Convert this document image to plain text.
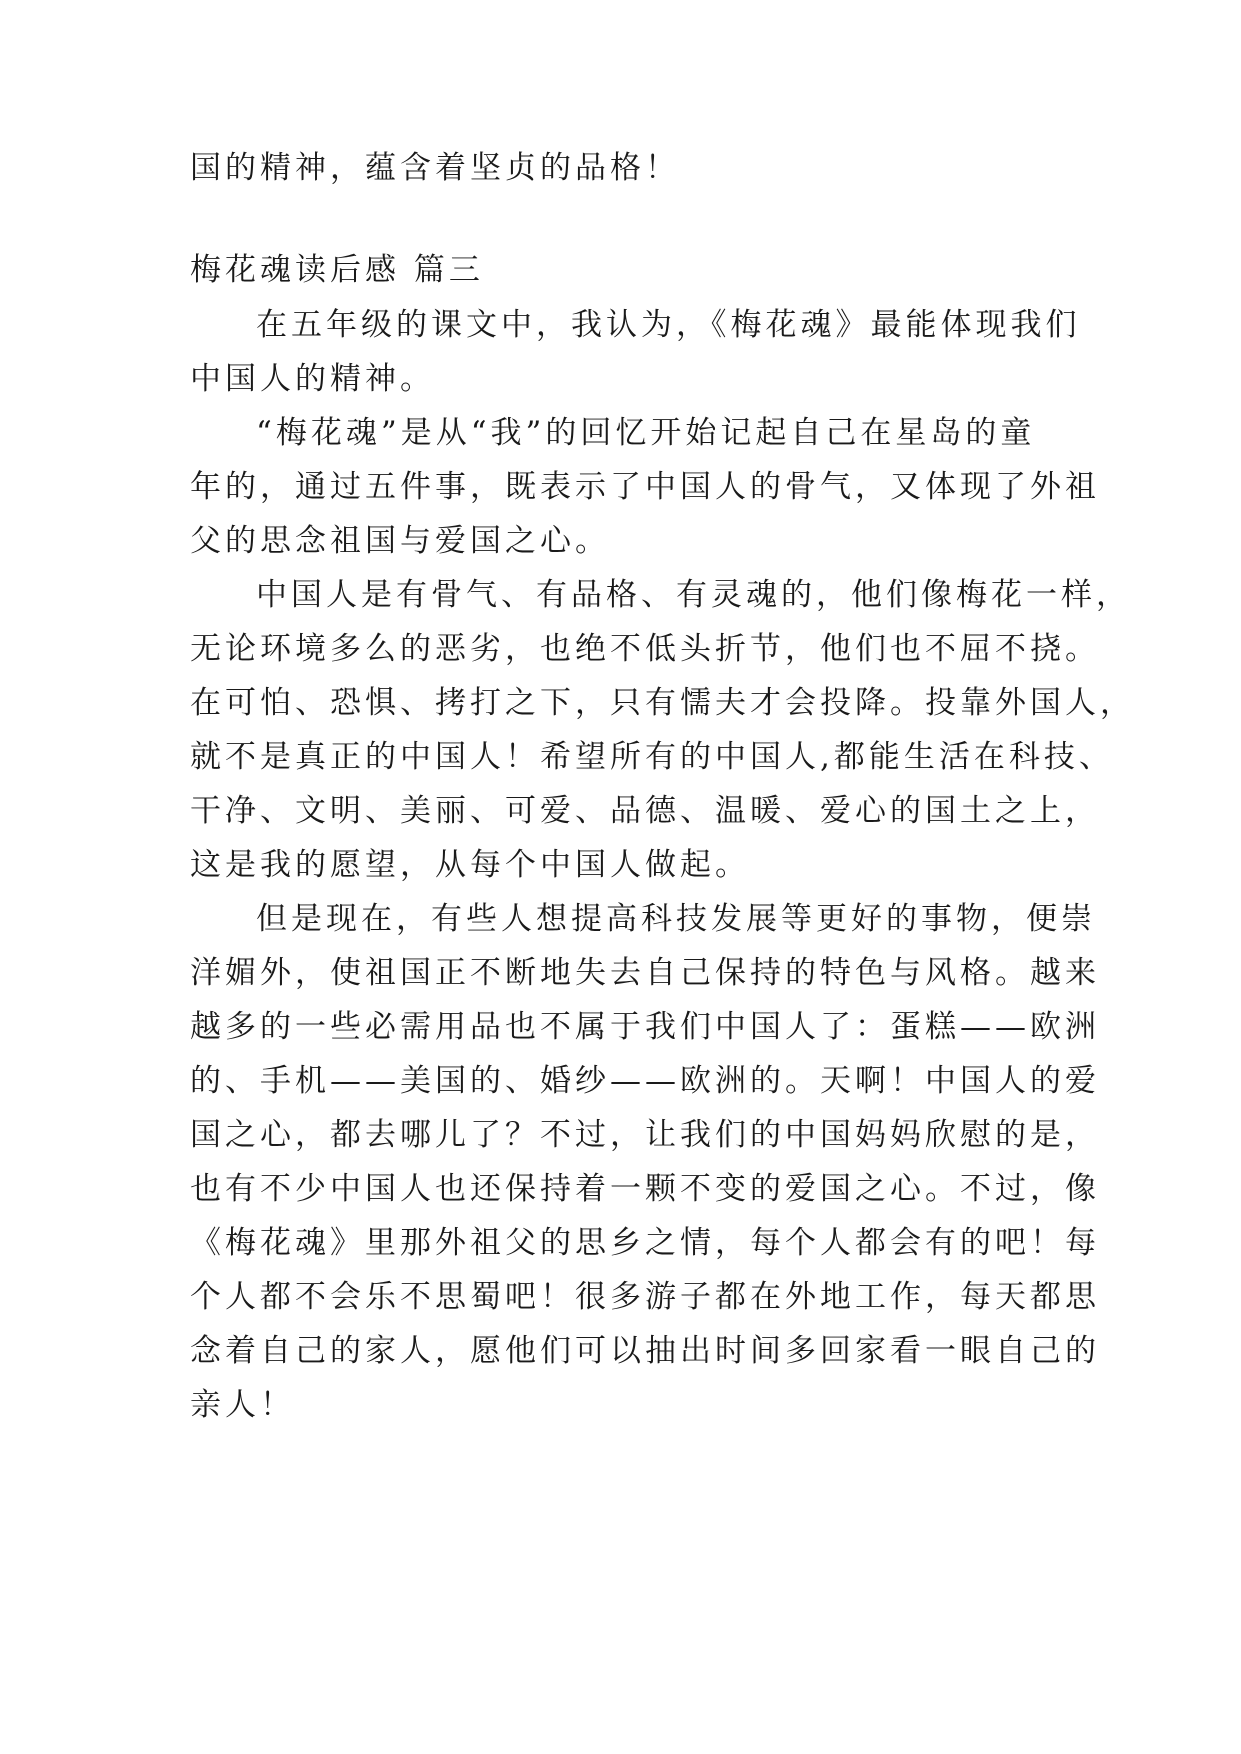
国的精神，蕴含着坚贞的品格！
梅花魂读后感 篇三
在五年级的课文中，我认为，《梅花魂》最能体现我们
中国人的精神。
“梅花魂”是从“我”的回忆开始记起自己在星岛的童
年的，通过五件事，既表示了中国人的骨气，又体现了外祖
父的思念祖国与爱国之心。
中国人是有骨气、有品格、有灵魂的，他们像梅花一样，
无论环境多么的恶劣，也绝不低头折节，他们也不屈不挠。
在可怕、恐惧、拷打之下，只有懦夫才会投降。投靠外国人，
就不是真正的中国人！希望所有的中国人,都能生活在科技、
干净、文明、美丽、可爱、品德、温暖、爱心的国土之上，
这是我的愿望，从每个中国人做起。
但是现在，有些人想提高科技发展等更好的事物，便崇
洋媚外，使祖国正不断地失去自己保持的特色与风格。越来
越多的一些必需用品也不属于我们中国人了：蛋糕——欧洲
的、手机——美国的、婚纱——欧洲的。天啊！中国人的爱
国之心，都去哪儿了？不过，让我们的中国妈妈欣慰的是，
也有不少中国人也还保持着一颗不变的爱国之心。不过，像
《梅花魂》里那外祖父的思乡之情，每个人都会有的吧！每
个人都不会乐不思蜀吧！很多游子都在外地工作，每天都思
念着自己的家人，愿他们可以抽出时间多回家看一眼自己的
亲人！
